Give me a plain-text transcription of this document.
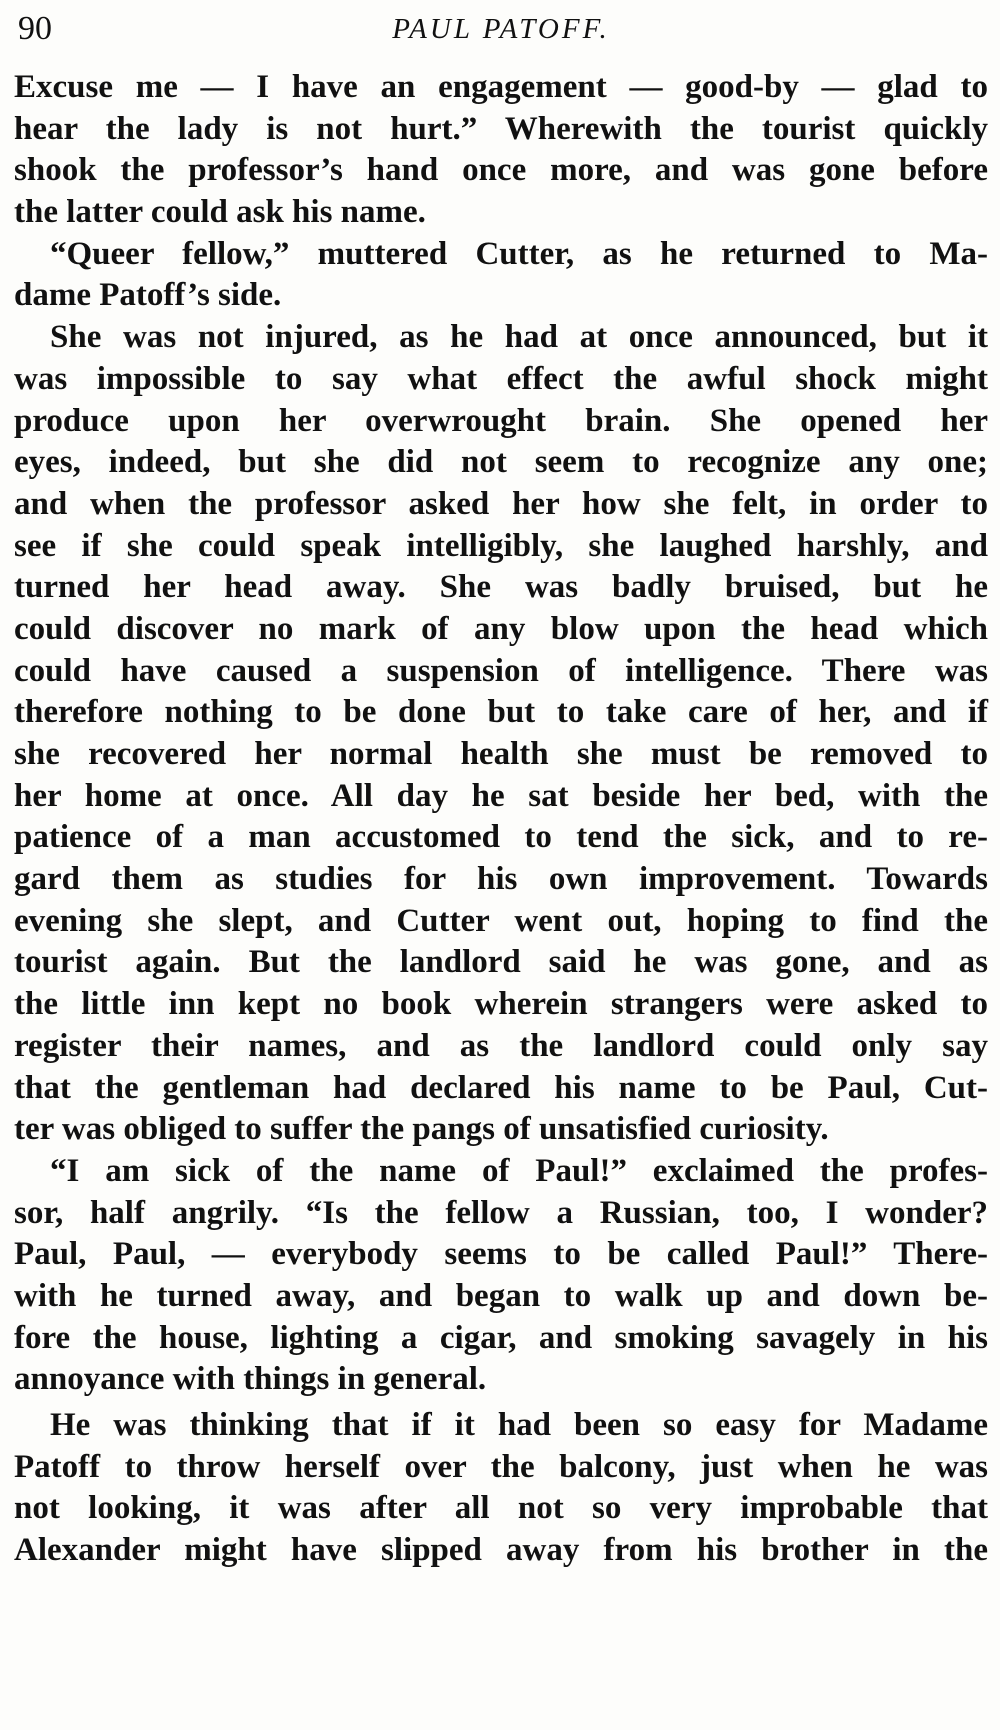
90	PAUL PATOFF.
Excuse me — I have an engagement — good-by — glad to
hear the lady is not hurt.” Wherewith the tourist quickly
shook the professor’s hand once more, and was gone before
the latter could ask his name.
“Queer fellow,” muttered Cutter, as he returned to Ma-
dame Patoff’s side.
She was not injured, as he had at once announced, but it
was impossible to say what effect the awful shock might
produce upon her overwrought brain. She opened her
eyes, indeed, but she did not seem to recognize any one;
and when the professor asked her how she felt, in order to
see if she could speak intelligibly, she laughed harshly, and
turned her head away. She was badly bruised, but he
could discover no mark of any blow upon the head which
could have caused a suspension of intelligence. There was
therefore nothing to be done but to take care of her, and if
she recovered her normal health she must be removed to
her home at once. All day he sat beside her bed, with the
patience of a man accustomed to tend the sick, and to re-
gard them as studies for his own improvement. Towards
evening she slept, and Cutter went out, hoping to find the
tourist again. But the landlord said he was gone, and as
the little inn kept no book wherein strangers were asked to
register their names, and as the landlord could only say
that the gentleman had declared his name to be Paul, Cut-
ter was obliged to suffer the pangs of unsatisfied curiosity.
“I am sick of the name of Paul!” exclaimed the profes-
sor, half angrily. “Is the fellow a Russian, too, I wonder?
Paul, Paul, — everybody seems to be called Paul!” There-
with he turned away, and began to walk up and down be-
fore the house, lighting a cigar, and smoking savagely in his
annoyance with things in general.
He was thinking that if it had been so easy for Madame
Patoff to throw herself over the balcony, just when he was
not looking, it was after all not so very improbable that
Alexander might have slipped away from his brother in the
